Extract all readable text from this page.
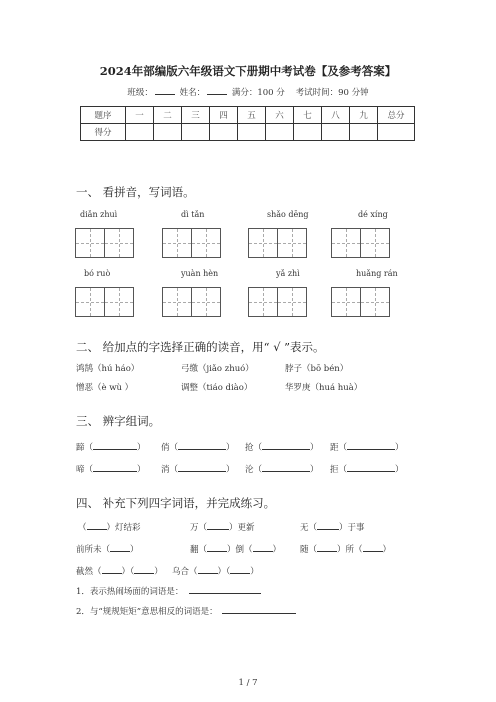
2024年部编版六年级语文下册期中考试卷【及参考答案】
班级：	姓名：	满分：100 分 考试时间：90 分钟
题序	一	二	三	四	五	六	七	八	九	总分
得分										
一、 看拼音，写词语。
diǎn zhuì	dì tǎn	shǎo dēng	dé xíng
bó ruò	yuàn hèn	yǎ zhì	huǎng rán
二、 给加点的字选择正确的读音，用“ √ ”表示。
鸿鹄（hú háo）	弓缴（jiǎo zhuó）	脖子（bō bén）
憎恶（è wù ）	调整（tiáo diào）	华罗庚（huá huà）
三、 辨字组词。
蹄（	） 俏（	） 抢（	） 距（	）
啼（	） 消（	） 沦（	） 拒（	）
四、 补充下列四字词语，并完成练习。
（ ）灯结彩	万（	）更新	无（	）于事
前所未（ ）	翻（ ）倒（ ） 随（ ）所（ ）
截然（ ）（ ） 乌合（ ）（ ）
1．表示热闹场面的词语是：
2．与“规规矩矩”意思相反的词语是：
1 / 7
